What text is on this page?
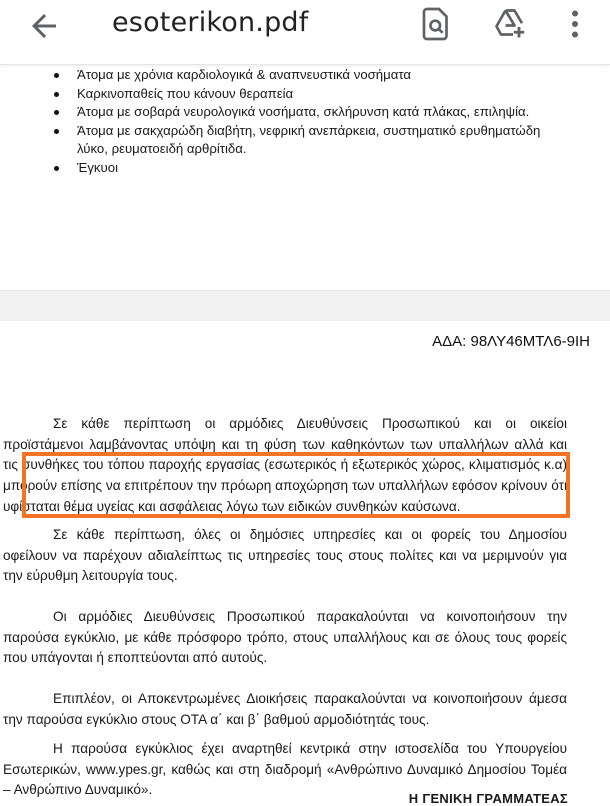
esoterikon.pdf
Άτομα με χρόνια καρδιολογικά & αναπνευστικά νοσήματα
Καρκινοπαθείς που κάνουν θεραπεία
Άτομα με σοβαρά νευρολογικά νοσήματα, σκλήρυνση κατά πλάκας, επιληψία.
Άτομα με σακχαρώδη διαβήτη, νεφρική ανεπάρκεια, συστηματικό ερυθηματώδη λύκο, ρευματοειδή αρθρίτιδα.
Έγκυοι
ΑΔΑ: 98ΛΥ46ΜΤΛ6-9ΙΗ
Σε κάθε περίπτωση οι αρμόδιες Διευθύνσεις Προσωπικού και οι οικείοι
προϊστάμενοι λαμβάνοντας υπόψη και τη φύση των καθηκόντων των υπαλλήλων αλλά και
τις συνθήκες του τόπου παροχής εργασίας (εσωτερικός ή εξωτερικός χώρος, κλιματισμός κ.α)
μπορούν επίσης να επιτρέπουν την πρόωρη αποχώρηση των υπαλλήλων εφόσον κρίνουν ότι
υφίσταται θέμα υγείας και ασφάλειας λόγω των ειδικών συνθηκών καύσωνα.
Σε κάθε περίπτωση, όλες οι δημόσιες υπηρεσίες και οι φορείς του Δημοσίου
οφείλουν να παρέχουν αδιαλείπτως τις υπηρεσίες τους στους πολίτες και να μεριμνούν για
την εύρυθμη λειτουργία τους.
Οι αρμόδιες Διευθύνσεις Προσωπικού παρακαλούνται να κοινοποιήσουν την
παρούσα εγκύκλιο, με κάθε πρόσφορο τρόπο, στους υπαλλήλους και σε όλους τους φορείς
που υπάγονται ή εποπτεύονται από αυτούς.
Επιπλέον, οι Αποκεντρωμένες Διοικήσεις παρακαλούνται να κοινοποιήσουν άμεσα
την παρούσα εγκύκλιο στους ΟΤΑ α΄ και β΄ βαθμού αρμοδιότητάς τους.
Η παρούσα εγκύκλιος έχει αναρτηθεί κεντρικά στην ιστοσελίδα του Υπουργείου
Εσωτερικών, www.ypes.gr, καθώς και στη διαδρομή «Ανθρώπινο Δυναμικό Δημοσίου Τομέα
– Ανθρώπινο Δυναμικό».
Η ΓΕΝΙΚΗ ΓΡΑΜΜΑΤΕΑΣ
